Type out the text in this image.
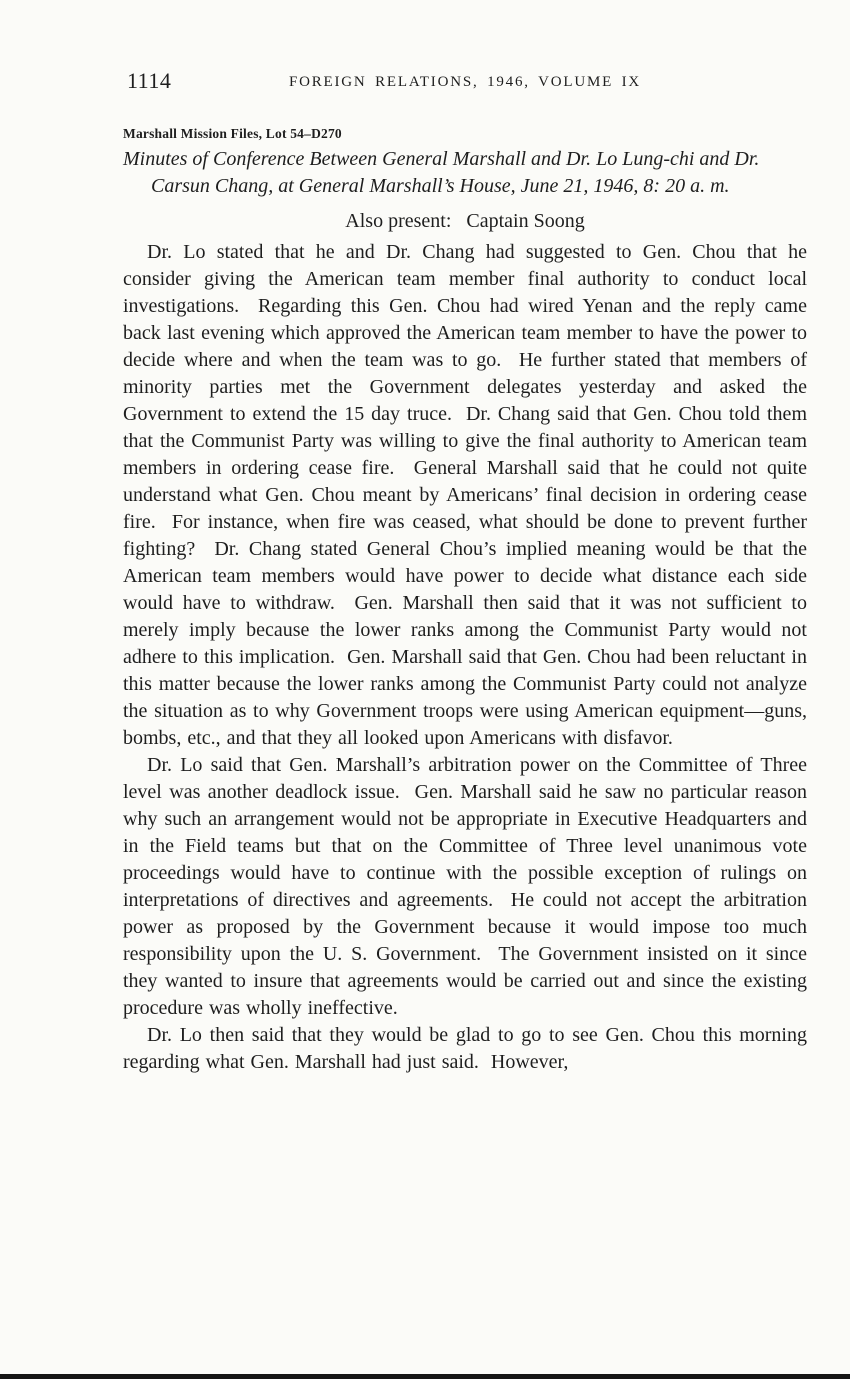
1114	FOREIGN RELATIONS, 1946, VOLUME IX

Marshall Mission Files, Lot 54–D270

Minutes of Conference Between General Marshall and Dr. Lo Lung-chi and Dr. Carsun Chang, at General Marshall’s House, June 21, 1946, 8: 20 a. m.

Also present:   Captain Soong

Dr. Lo stated that he and Dr. Chang had suggested to Gen. Chou that he consider giving the American team member final authority to conduct local investigations.  Regarding this Gen. Chou had wired Yenan and the reply came back last evening which approved the American team member to have the power to decide where and when the team was to go.  He further stated that members of minority parties met the Government delegates yesterday and asked the Government to extend the 15 day truce.  Dr. Chang said that Gen. Chou told them that the Communist Party was willing to give the final authority to American team members in ordering cease fire.  General Marshall said that he could not quite understand what Gen. Chou meant by Americans’ final decision in ordering cease fire.  For instance, when fire was ceased, what should be done to prevent further fighting?  Dr. Chang stated General Chou’s implied meaning would be that the American team members would have power to decide what distance each side would have to withdraw.  Gen. Marshall then said that it was not sufficient to merely imply because the lower ranks among the Communist Party would not adhere to this implication.  Gen. Marshall said that Gen. Chou had been reluctant in this matter because the lower ranks among the Communist Party could not analyze the situation as to why Government troops were using American equipment—guns, bombs, etc., and that they all looked upon Americans with disfavor.

Dr. Lo said that Gen. Marshall’s arbitration power on the Committee of Three level was another deadlock issue.  Gen. Marshall said he saw no particular reason why such an arrangement would not be appropriate in Executive Headquarters and in the Field teams but that on the Committee of Three level unanimous vote proceedings would have to continue with the possible exception of rulings on interpretations of directives and agreements.  He could not accept the arbitration power as proposed by the Government because it would impose too much responsibility upon the U. S. Government.  The Government insisted on it since they wanted to insure that agreements would be carried out and since the existing procedure was wholly ineffective.

Dr. Lo then said that they would be glad to go to see Gen. Chou this morning regarding what Gen. Marshall had just said.  However,
